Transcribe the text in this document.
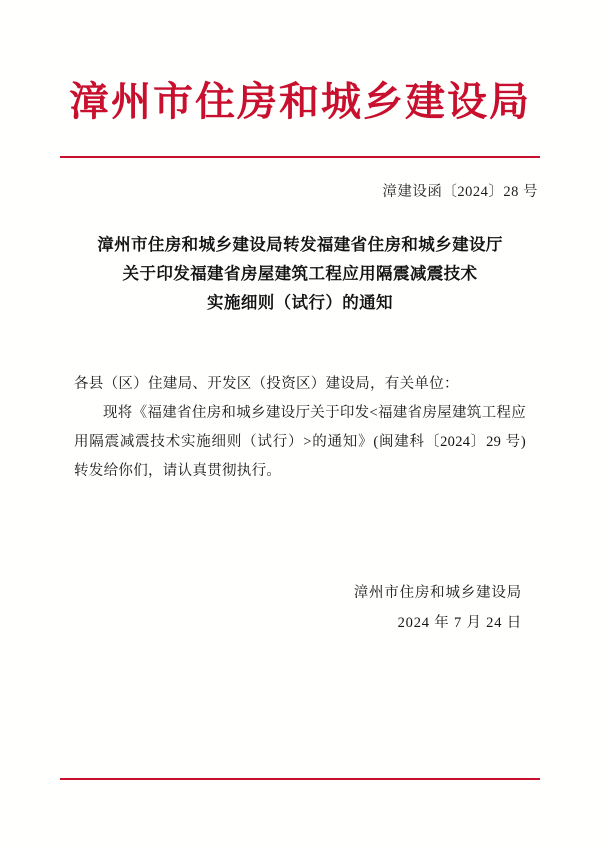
漳州市住房和城乡建设局
漳建设函〔2024〕28 号
漳州市住房和城乡建设局转发福建省住房和城乡建设厅
关于印发福建省房屋建筑工程应用隔震减震技术
实施细则（试行）的通知

各县（区）住建局、开发区（投资区）建设局，有关单位：

现将《福建省住房和城乡建设厅关于印发<福建省房屋建筑工程应用隔震减震技术实施细则（试行）>的通知》(闽建科〔2024〕29 号) 转发给你们，请认真贯彻执行。

漳州市住房和城乡建设局
2024 年 7 月 24 日
